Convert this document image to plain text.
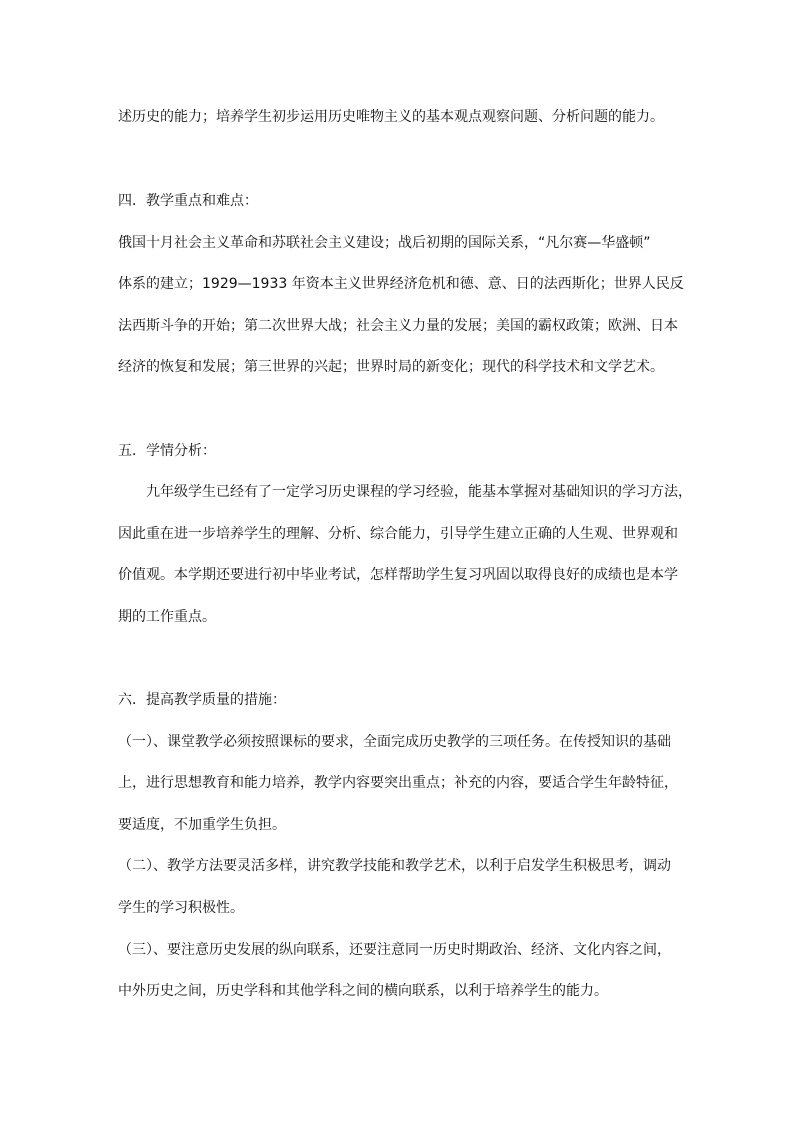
述历史的能力；培养学生初步运用历史唯物主义的基本观点观察问题、分析问题的能力。
四．教学重点和难点：
俄国十月社会主义革命和苏联社会主义建设；战后初期的国际关系，“凡尔赛—华盛顿”
体系的建立；1929—1933 年资本主义世界经济危机和德、意、日的法西斯化；世界人民反
法西斯斗争的开始；第二次世界大战；社会主义力量的发展；美国的霸权政策；欧洲、日本
经济的恢复和发展；第三世界的兴起；世界时局的新变化；现代的科学技术和文学艺术。
五．学情分析：
九年级学生已经有了一定学习历史课程的学习经验，能基本掌握对基础知识的学习方法，
因此重在进一步培养学生的理解、分析、综合能力，引导学生建立正确的人生观、世界观和
价值观。本学期还要进行初中毕业考试，怎样帮助学生复习巩固以取得良好的成绩也是本学
期的工作重点。
六．提高教学质量的措施：
（一）、课堂教学必须按照课标的要求，全面完成历史教学的三项任务。在传授知识的基础
上，进行思想教育和能力培养，教学内容要突出重点；补充的内容，要适合学生年龄特征，
要适度，不加重学生负担。
（二）、教学方法要灵活多样，讲究教学技能和教学艺术，以利于启发学生积极思考，调动
学生的学习积极性。
（三）、要注意历史发展的纵向联系，还要注意同一历史时期政治、经济、文化内容之间，
中外历史之间，历史学科和其他学科之间的横向联系，以利于培养学生的能力。
